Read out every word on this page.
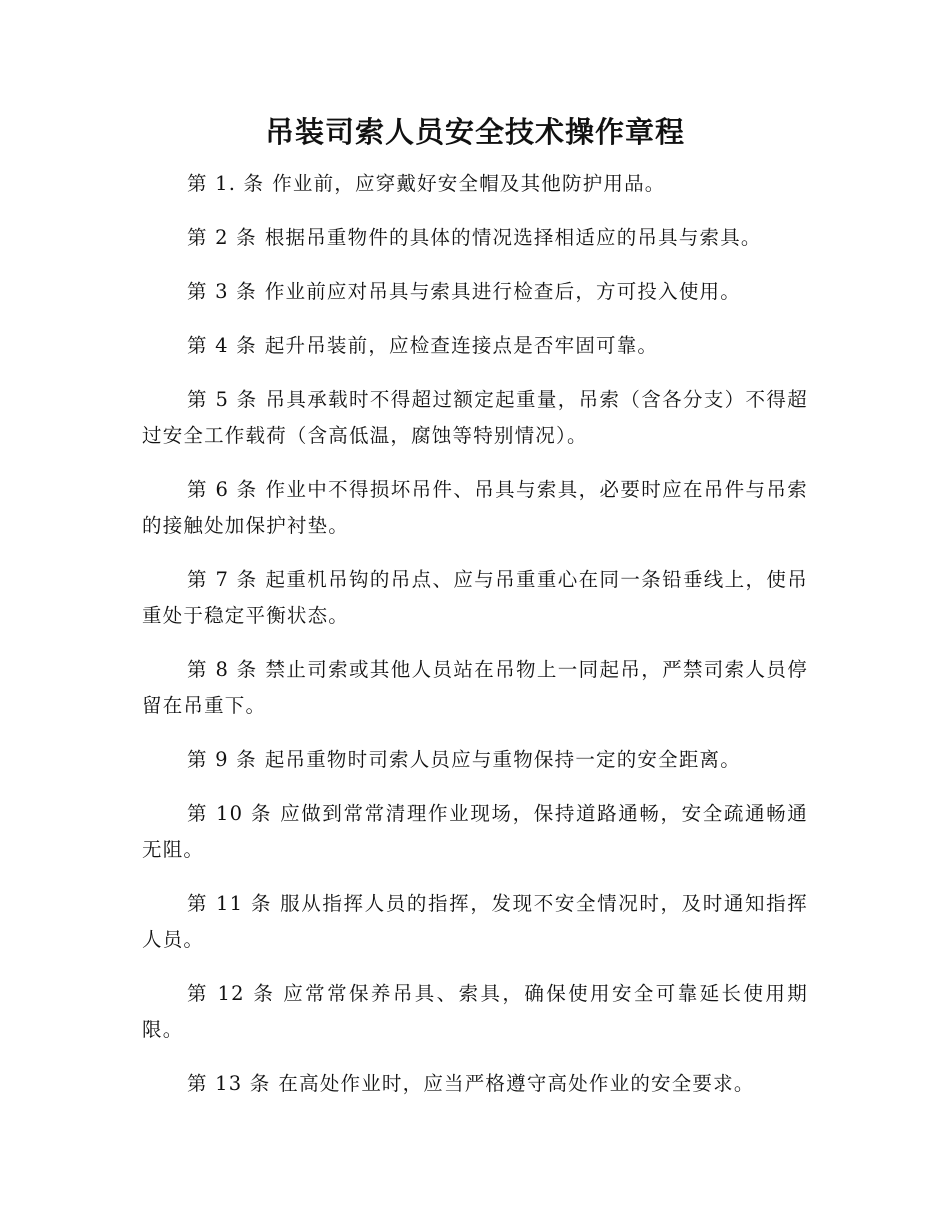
吊装司索人员安全技术操作章程
第 1. 条 作业前，应穿戴好安全帽及其他防护用品。
第 2 条 根据吊重物件的具体的情况选择相适应的吊具与索具。
第 3 条 作业前应对吊具与索具进行检查后，方可投入使用。
第 4 条 起升吊装前，应检查连接点是否牢固可靠。
第 5 条 吊具承载时不得超过额定起重量，吊索（含各分支）不得超过安全工作载荷（含高低温，腐蚀等特别情况）。
第 6 条 作业中不得损坏吊件、吊具与索具，必要时应在吊件与吊索的接触处加保护衬垫。
第 7 条 起重机吊钩的吊点、应与吊重重心在同一条铅垂线上，使吊重处于稳定平衡状态。
第 8 条 禁止司索或其他人员站在吊物上一同起吊，严禁司索人员停留在吊重下。
第 9 条 起吊重物时司索人员应与重物保持一定的安全距离。
第 10 条 应做到常常清理作业现场，保持道路通畅，安全疏通畅通无阻。
第 11 条 服从指挥人员的指挥，发现不安全情况时，及时通知指挥人员。
第 12 条 应常常保养吊具、索具，确保使用安全可靠延长使用期限。
第 13 条 在高处作业时，应当严格遵守高处作业的安全要求。
